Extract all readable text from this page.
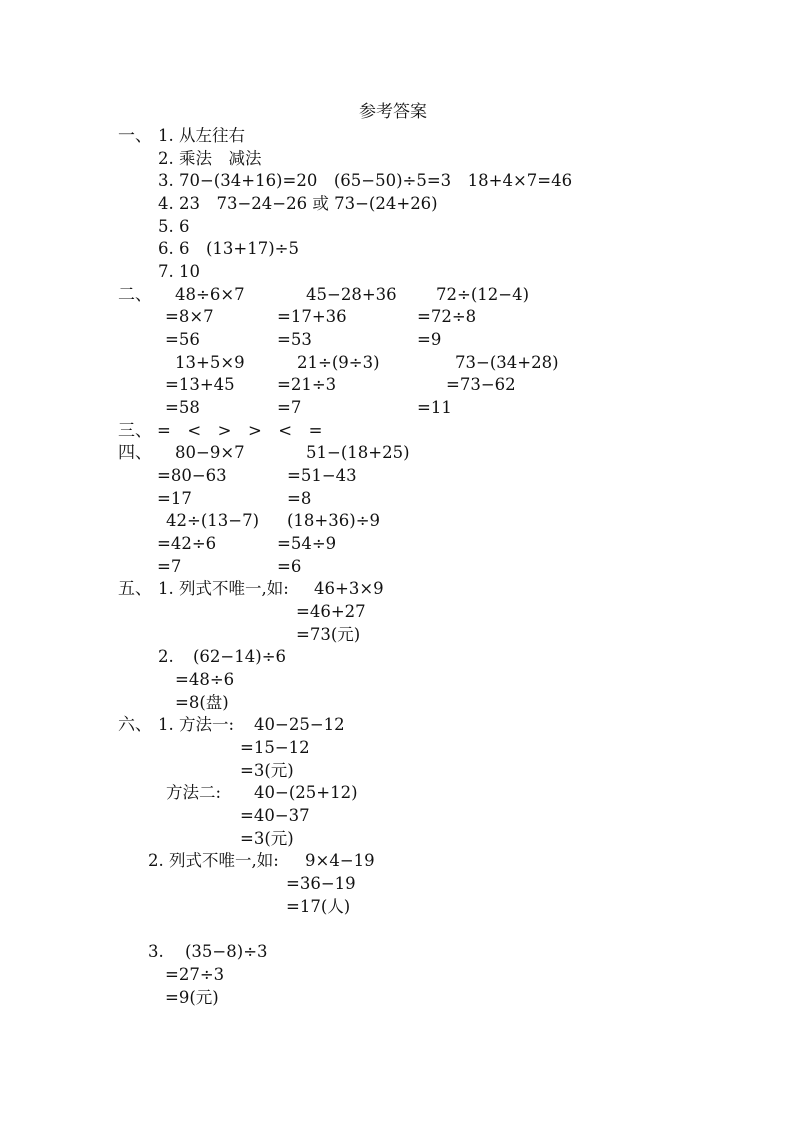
参考答案
一、 1. 从左往右
2. 乘法　减法
3. 70−(34+16)=20　(65−50)÷5=3　18+4×7=46
4. 23　73−24−26 或 73−(24+26)
5. 6
6. 6　(13+17)÷5
7. 10
二、 48÷6×7
=8×7
=56
45−28+36
=17+36
=53
72÷(12−4)
=72÷8
=9
13+5×9
=13+45
=58
21÷(9÷3)
=21÷3
=7
73−(34+28)
=73−62
=11
三、 =　<　>　>　<　=
四、 80−9×7
=80−63
=17
51−(18+25)
=51−43
=8
42÷(13−7)
=42÷6
=7
(18+36)÷9
=54÷9
=6
五、 1. 列式不唯一,如: 46+3×9
=46+27
=73(元)
2. (62−14)÷6
=48÷6
=8(盘)
六、 1. 方法一: 40−25−12
=15−12
=3(元)
方法二: 40−(25+12)
=40−37
=3(元)
2. 列式不唯一,如: 9×4−19
=36−19
=17(人)
3. (35−8)÷3
=27÷3
=9(元)
